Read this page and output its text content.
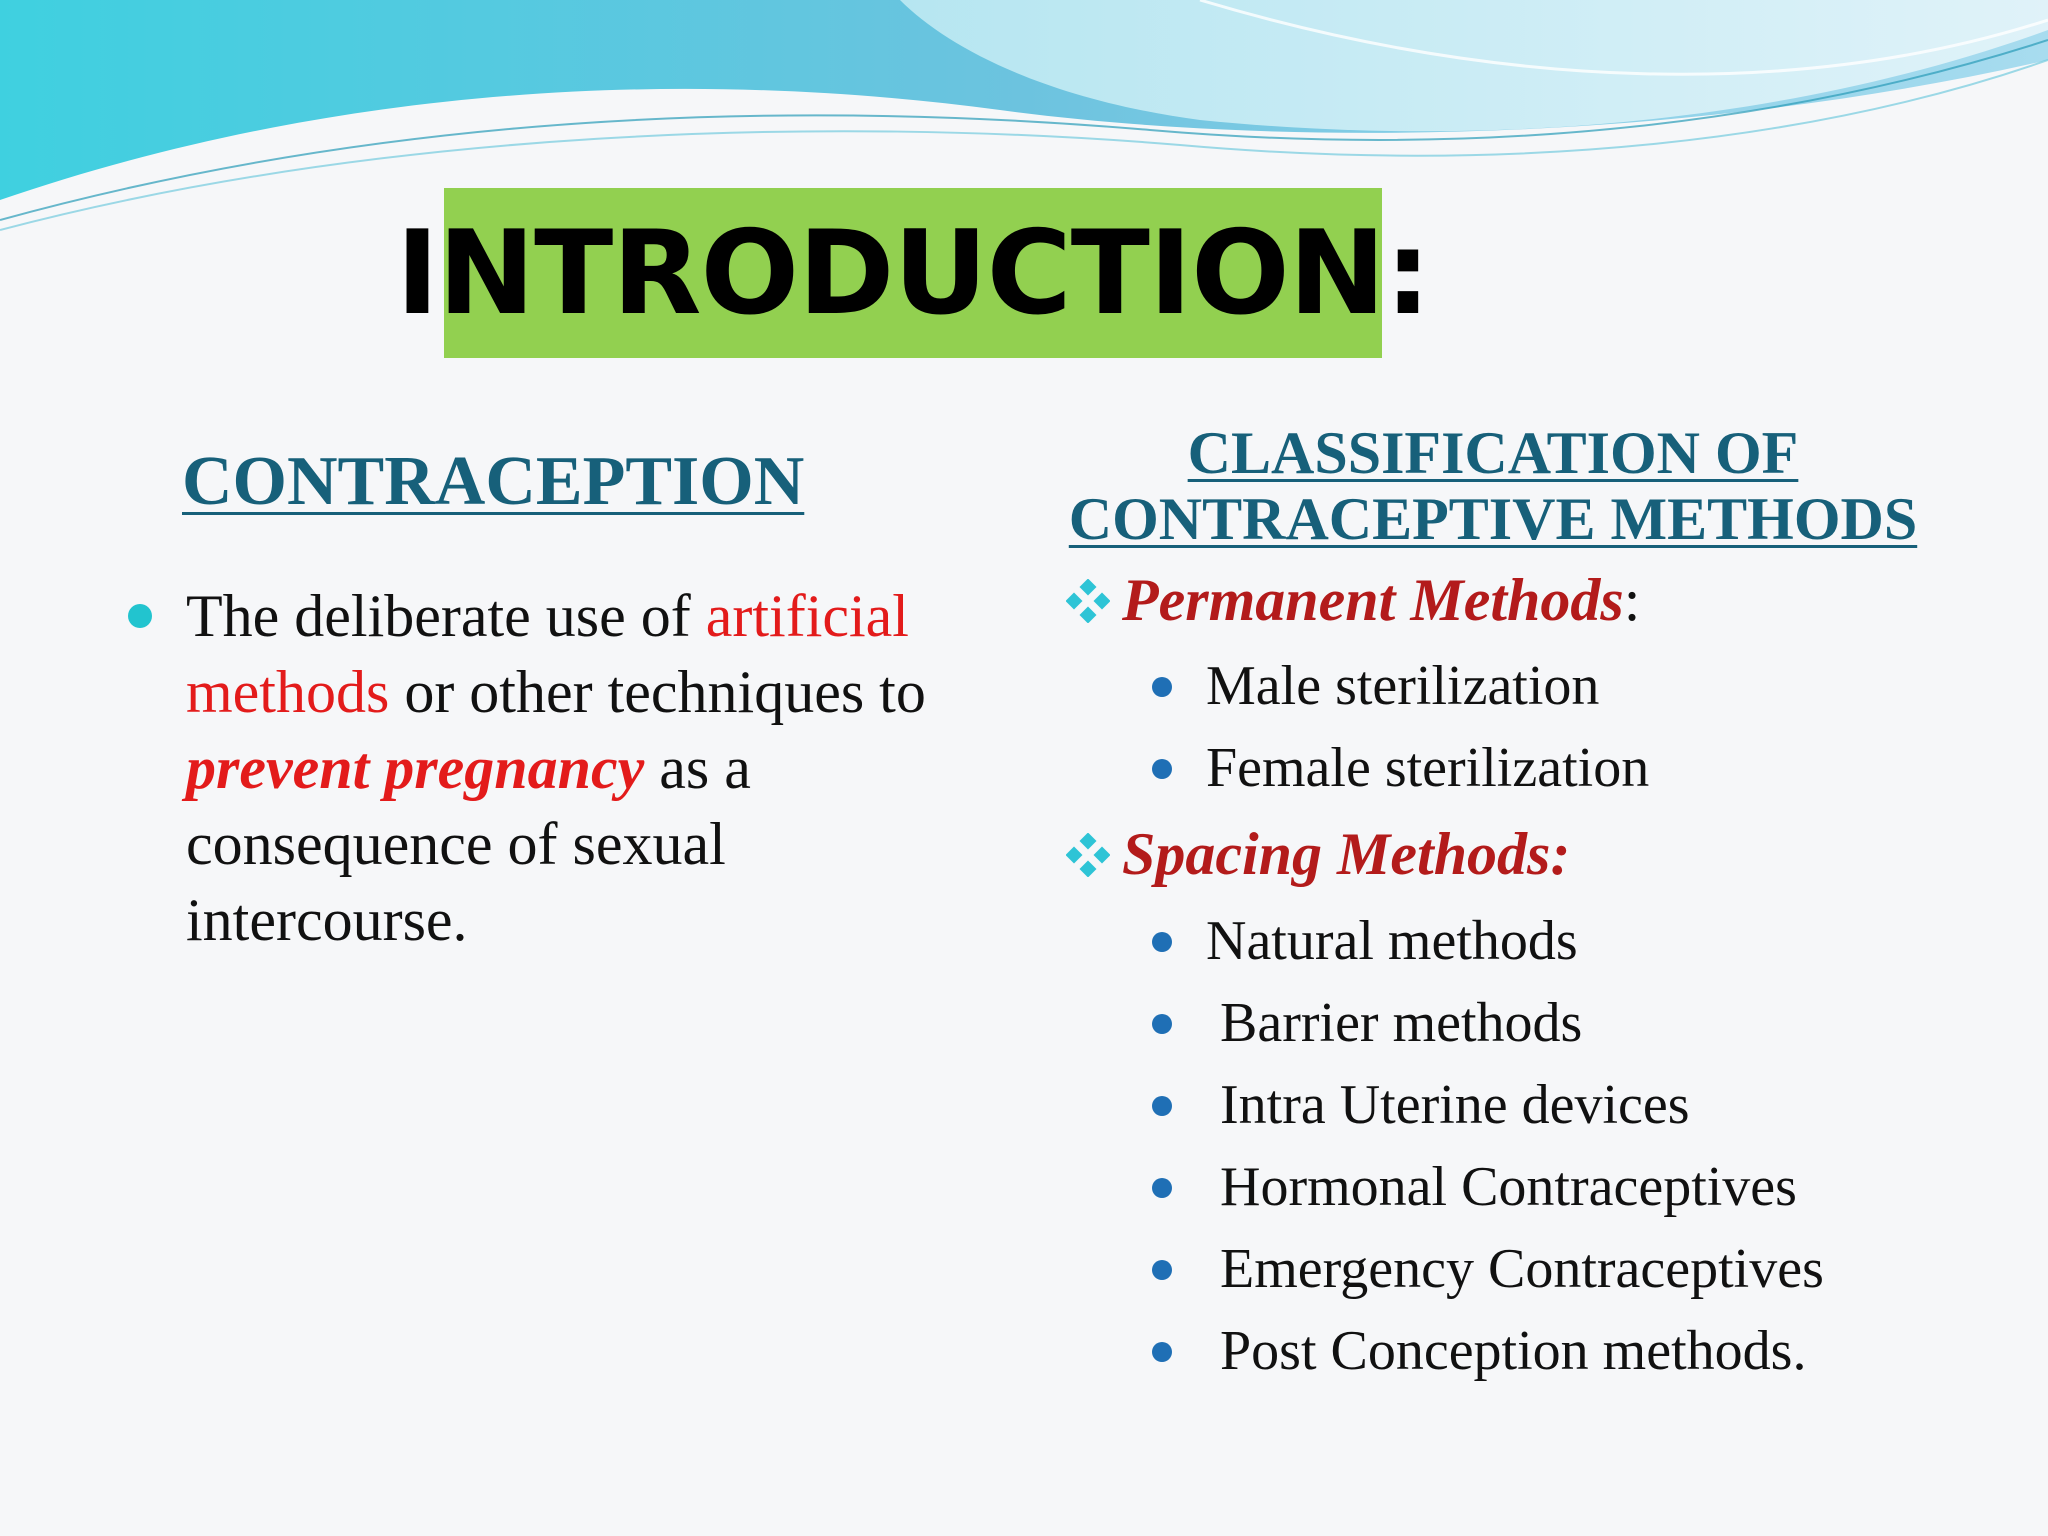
INTRODUCTION:
CONTRACEPTION
The deliberate use of artificial methods or other techniques to prevent pregnancy as a consequence of sexual intercourse.
CLASSIFICATION OF
CONTRACEPTIVE METHODS
Permanent Methods :
Male sterilization
Female sterilization
Spacing Methods:
Natural methods
Barrier methods
Intra Uterine devices
Hormonal Contraceptives
Emergency Contraceptives
Post Conception methods.
